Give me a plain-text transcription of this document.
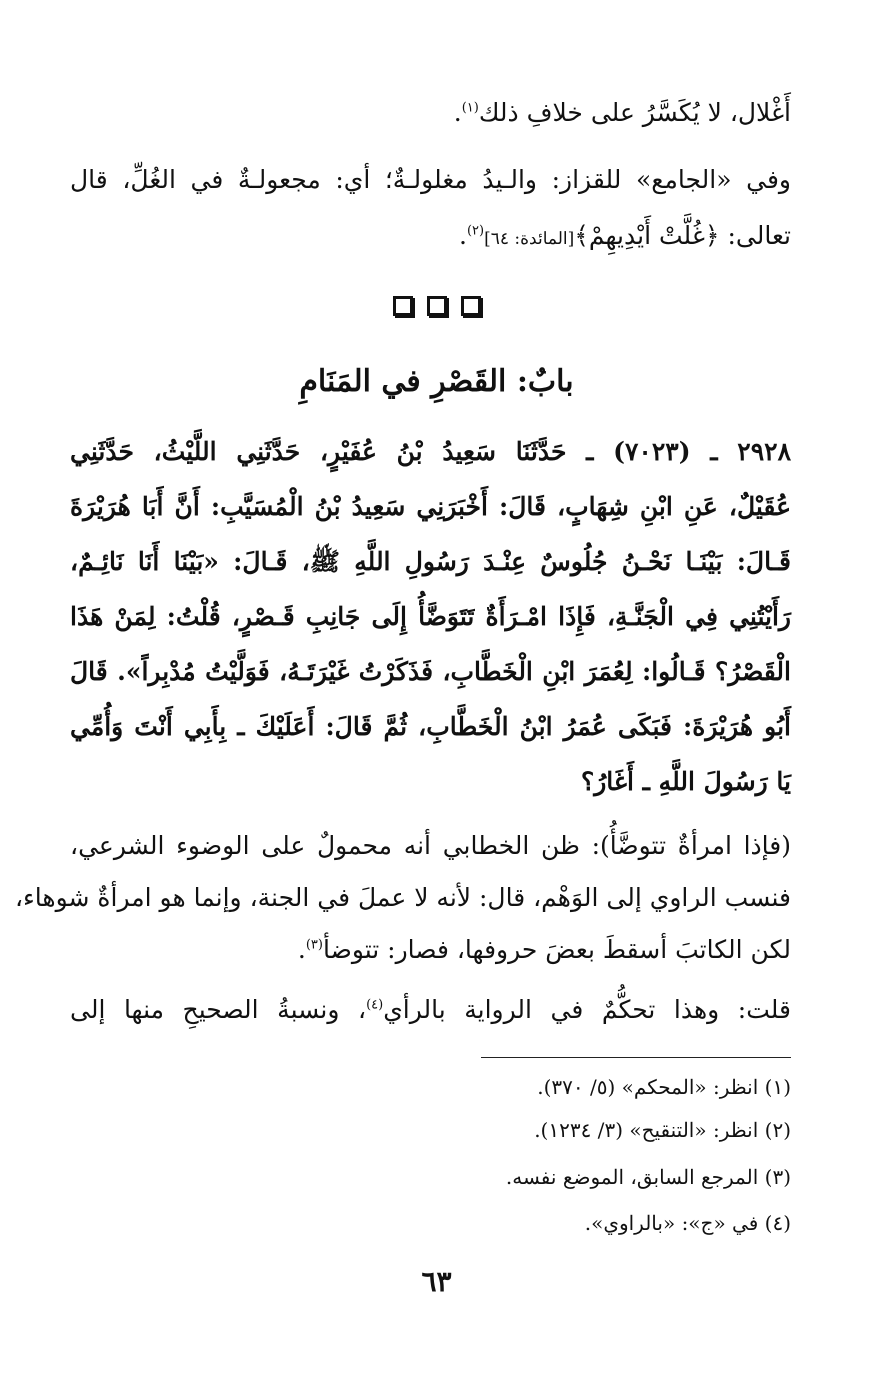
أَغْلال، لا يُكَسَّرُ على خلافِ ذلك$^{(١)}$.
وفي «الجامع» للقزاز: والـيدُ مغلولـةٌ؛ أي: مجعولـةٌ في الغُلِّ، قال
تعالى: ﴿غُلَّتْ أَيْدِيهِمْ﴾[المائدة: ٦٤]$^{(٢)}$.
بابٌ: القَصْرِ في المَنَامِ
٢٩٢٨ ـ (٧٠٢٣) ـ حَدَّثَنَا سَعِيدُ بْنُ عُفَيْرٍ، حَدَّثَنِي اللَّيْثُ، حَدَّثَنِي
عُقَيْلٌ، عَنِ ابْنِ شِهَابٍ، قَالَ: أَخْبَرَنِي سَعِيدُ بْنُ الْمُسَيَّبِ: أَنَّ أَبَا هُرَيْرَةَ
قَـالَ: بَيْنَـا نَحْـنُ جُلُوسٌ عِنْـدَ رَسُولِ اللَّهِ ﷺ، قَـالَ: «بَيْنَا أَنَا نَائِـمٌ،
رَأَيْتُنِي فِي الْجَنَّـةِ، فَإِذَا امْـرَأَةٌ تَتَوَضَّأُ إِلَى جَانِبِ قَـصْرٍ، قُلْتُ: لِمَنْ هَذَا
الْقَصْرُ؟ قَـالُوا: لِعُمَرَ ابْنِ الْخَطَّابِ، فَذَكَرْتُ غَيْرَتَـهُ، فَوَلَّيْتُ مُدْبِراً». قَالَ
أَبُو هُرَيْرَةَ: فَبَكَى عُمَرُ ابْنُ الْخَطَّابِ، ثُمَّ قَالَ: أَعَلَيْكَ ـ بِأَبِي أَنْتَ وَأُمِّي
يَا رَسُولَ اللَّهِ ـ أَغَارُ؟
(فإذا امرأةٌ تتوضَّأُ): ظن الخطابي أنه محمولٌ على الوضوء الشرعي،
فنسب الراوي إلى الوَهْم، قال: لأنه لا عملَ في الجنة، وإنما هو امرأةٌ شوهاء،
لكن الكاتبَ أسقطَ بعضَ حروفها، فصار: تتوضأ$^{(٣)}$.
قلت: وهذا تحكُّمٌ في الرواية بالرأي$^{(٤)}$، ونسبةُ الصحيحِ منها إلى
(١) انظر: «المحكم» (٥/ ٣٧٠).
(٢) انظر: «التنقيح» (٣/ ١٢٣٤).
(٣) المرجع السابق، الموضع نفسه.
(٤) في «ج»: «بالراوي».
٦٣
